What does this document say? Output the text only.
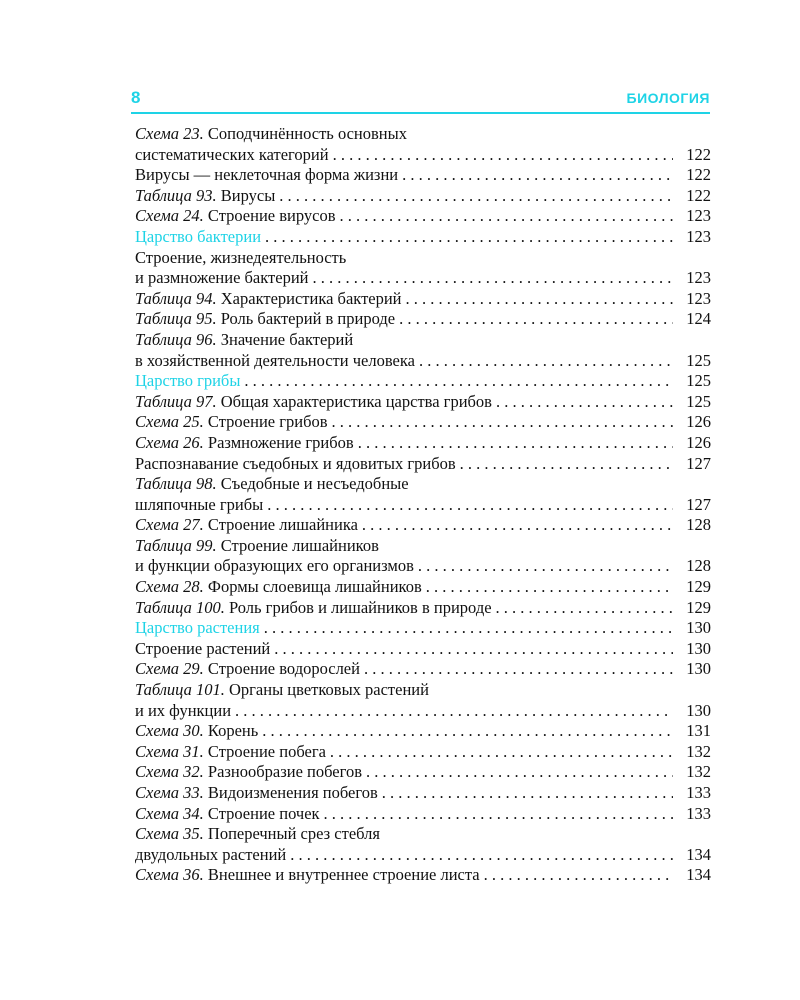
8	БИОЛОГИЯ
Схема 23. Соподчинённость основных
систематических категорий . . .	122
Вирусы — неклеточная форма жизни . . .	122
Таблица 93. Вирусы . . .	122
Схема 24. Строение вирусов . . .	123
Царство бактерии . . .	123
Строение, жизнедеятельность
и размножение бактерий . . .	123
Таблица 94. Характеристика бактерий . . .	123
Таблица 95. Роль бактерий в природе . . .	124
Таблица 96. Значение бактерий
в хозяйственной деятельности человека . . .	125
Царство грибы . . .	125
Таблица 97. Общая характеристика царства грибов . . .	125
Схема 25. Строение грибов . . .	126
Схема 26. Размножение грибов . . .	126
Распознавание съедобных и ядовитых грибов . . .	127
Таблица 98. Съедобные и несъедобные
шляпочные грибы . . .	127
Схема 27. Строение лишайника . . .	128
Таблица 99. Строение лишайников
и функции образующих его организмов . . .	128
Схема 28. Формы слоевища лишайников . . .	129
Таблица 100. Роль грибов и лишайников в природе . . .	129
Царство растения . . .	130
Строение растений . . .	130
Схема 29. Строение водорослей . . .	130
Таблица 101. Органы цветковых растений
и их функции . . .	130
Схема 30. Корень . . .	131
Схема 31. Строение побега . . .	132
Схема 32. Разнообразие побегов . . .	132
Схема 33. Видоизменения побегов . . .	133
Схема 34. Строение почек . . .	133
Схема 35. Поперечный срез стебля
двудольных растений . . .	134
Схема 36. Внешнее и внутреннее строение листа . . .	134
